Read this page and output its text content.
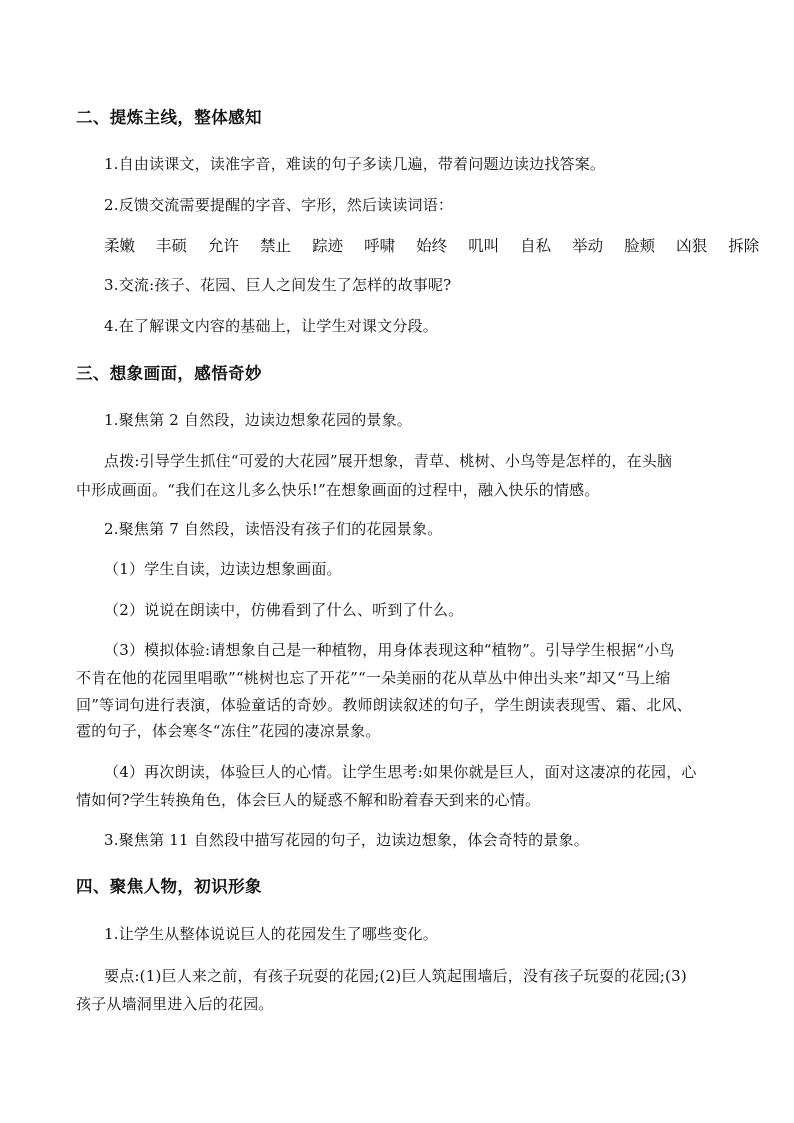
二、提炼主线，整体感知
1.自由读课文，读准字音，难读的句子多读几遍，带着问题边读边找答案。
2.反馈交流需要提醒的字音、字形，然后读读词语：
柔嫩 丰硕 允许 禁止 踪迹 呼啸 始终 叽叫 自私 举动 脸颊 凶狠 拆除
3.交流:孩子、花园、巨人之间发生了怎样的故事呢?
4.在了解课文内容的基础上，让学生对课文分段。
三、想象画面，感悟奇妙
1.聚焦第 2 自然段，边读边想象花园的景象。
点拨:引导学生抓住“可爱的大花园”展开想象，青草、桃树、小鸟等是怎样的，在头脑
中形成画面。“我们在这儿多么快乐!”在想象画面的过程中，融入快乐的情感。
2.聚焦第 7 自然段，读悟没有孩子们的花园景象。
（1）学生自读，边读边想象画面。
（2）说说在朗读中，仿佛看到了什么、听到了什么。
（3）模拟体验:请想象自己是一种植物，用身体表现这种“植物”。引导学生根据“小鸟
不肯在他的花园里唱歌”“桃树也忘了开花”“一朵美丽的花从草丛中伸出头来”却又“马上缩
回”等词句进行表演，体验童话的奇妙。教师朗读叙述的句子，学生朗读表现雪、霜、北风、
雹的句子，体会寒冬“冻住”花园的凄凉景象。
（4）再次朗读，体验巨人的心情。让学生思考:如果你就是巨人，面对这凄凉的花园，心
情如何?学生转换角色，体会巨人的疑惑不解和盼着春天到来的心情。
3.聚焦第 11 自然段中描写花园的句子，边读边想象，体会奇特的景象。
四、聚焦人物，初识形象
1.让学生从整体说说巨人的花园发生了哪些变化。
要点:(1)巨人来之前，有孩子玩耍的花园;(2)巨人筑起围墙后，没有孩子玩耍的花园;(3)
孩子从墙洞里进入后的花园。
